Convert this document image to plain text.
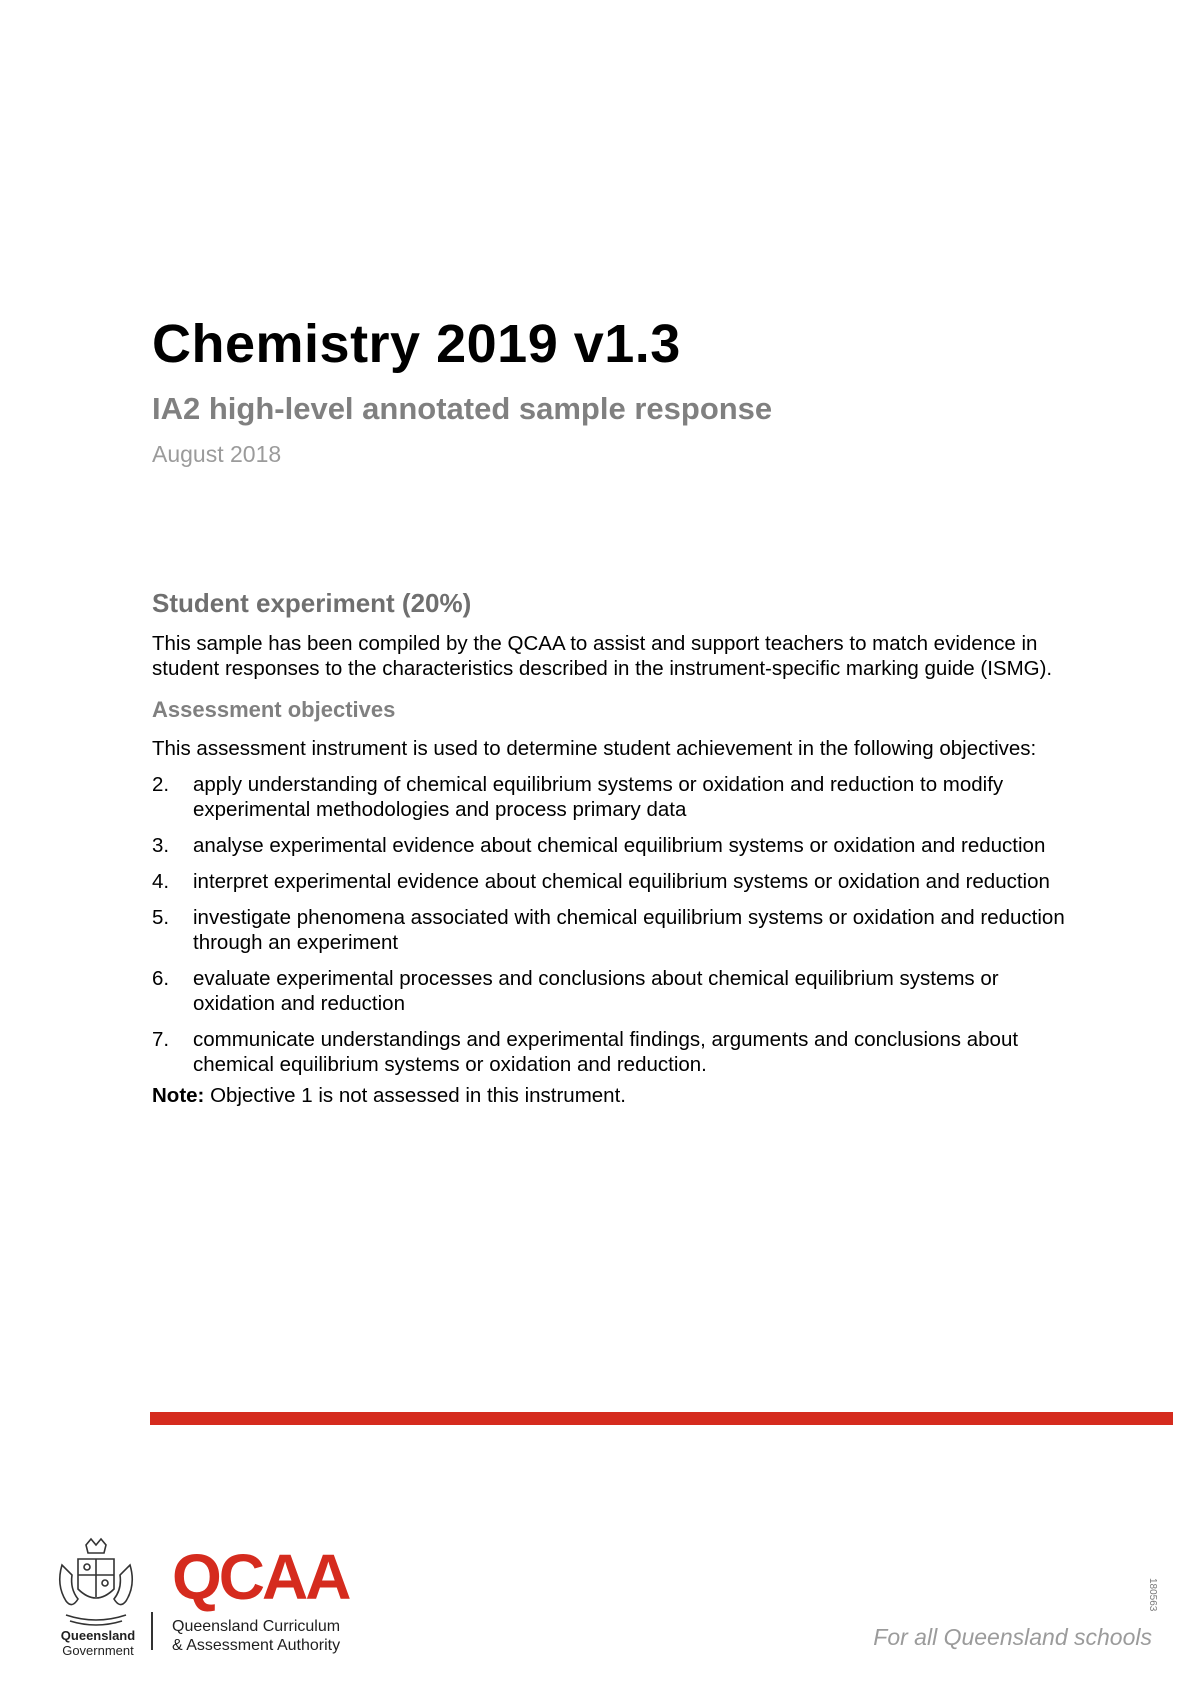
Chemistry 2019 v1.3
IA2 high-level annotated sample response
August 2018
Student experiment (20%)

This sample has been compiled by the QCAA to assist and support teachers to match evidence in student responses to the characteristics described in the instrument-specific marking guide (ISMG).

Assessment objectives

This assessment instrument is used to determine student achievement in the following objectives:

2.	apply understanding of chemical equilibrium systems or oxidation and reduction to modify experimental methodologies and process primary data
3.	analyse experimental evidence about chemical equilibrium systems or oxidation and reduction
4.	interpret experimental evidence about chemical equilibrium systems or oxidation and reduction
5.	investigate phenomena associated with chemical equilibrium systems or oxidation and reduction through an experiment
6.	evaluate experimental processes and conclusions about chemical equilibrium systems or oxidation and reduction
7.	communicate understandings and experimental findings, arguments and conclusions about chemical equilibrium systems or oxidation and reduction.

Note: Objective 1 is not assessed in this instrument.

Queensland
Government
QCAA
Queensland Curriculum
& Assessment Authority	For all Queensland schools
180563
